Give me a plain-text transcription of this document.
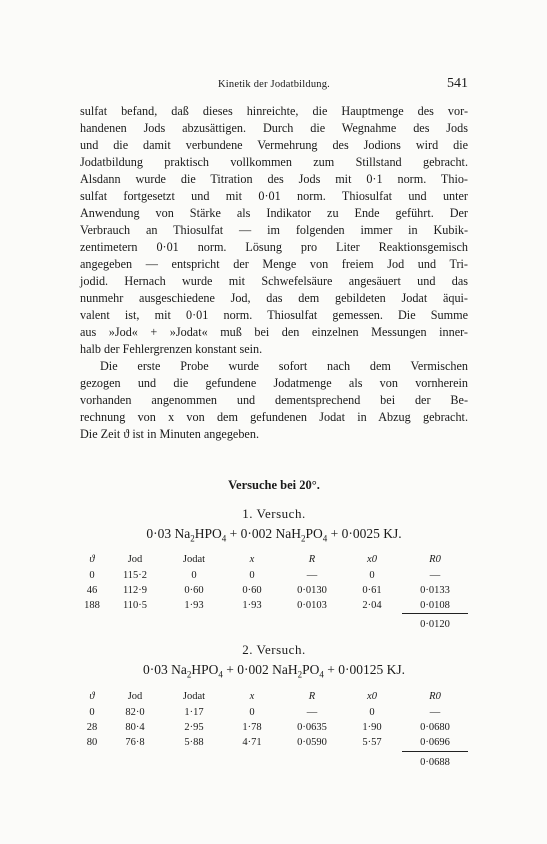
Kinetik der Jodatbildung.	541
sulfat befand, daß dieses hinreichte, die Hauptmenge des vor-
handenen Jods abzusättigen. Durch die Wegnahme des Jods
und die damit verbundene Vermehrung des Jodions wird die
Jodatbildung praktisch vollkommen zum Stillstand gebracht.
Alsdann wurde die Titration des Jods mit 0·1 norm. Thio-
sulfat fortgesetzt und mit 0·01 norm. Thiosulfat und unter
Anwendung von Stärke als Indikator zu Ende geführt. Der
Verbrauch an Thiosulfat — im folgenden immer in Kubik-
zentimetern 0·01 norm. Lösung pro Liter Reaktionsgemisch
angegeben — entspricht der Menge von freiem Jod und Tri-
jodid. Hernach wurde mit Schwefelsäure angesäuert und das
nunmehr ausgeschiedene Jod, das dem gebildeten Jodat äqui-
valent ist, mit 0·01 norm. Thiosulfat gemessen. Die Summe
aus »Jod« + »Jodat« muß bei den einzelnen Messungen inner-
halb der Fehlergrenzen konstant sein.
Die erste Probe wurde sofort nach dem Vermischen
gezogen und die gefundene Jodatmenge als von vornherein
vorhanden angenommen und dementsprechend bei der Be-
rechnung von x von dem gefundenen Jodat in Abzug gebracht.
Die Zeit ϑ ist in Minuten angegeben.
Versuche bei 20°.
1. Versuch.
0·03 $Na_2HPO_4 + 0\cdot 002$ $NaH_2PO_4 + 0\cdot 0025$ KJ.
ϑ	Jod	Jodat	x	R	x0	R0
0	115·2	0	0	—	0	—
46	112·9	0·60	0·60	0·0130	0·61	0·0133
188	110·5	1·93	1·93	0·0103	2·04	0·0108
0·0120
2. Versuch.
0·03 $Na_2HPO_4 + 0\cdot 002$ $NaH_2PO_4 + 0\cdot 00125$ KJ.
ϑ	Jod	Jodat	x	R	x0	R0
0	82·0	1·17	0	—	0	—
28	80·4	2·95	1·78	0·0635	1·90	0·0680
80	76·8	5·88	4·71	0·0590	5·57	0·0696
0·0688
